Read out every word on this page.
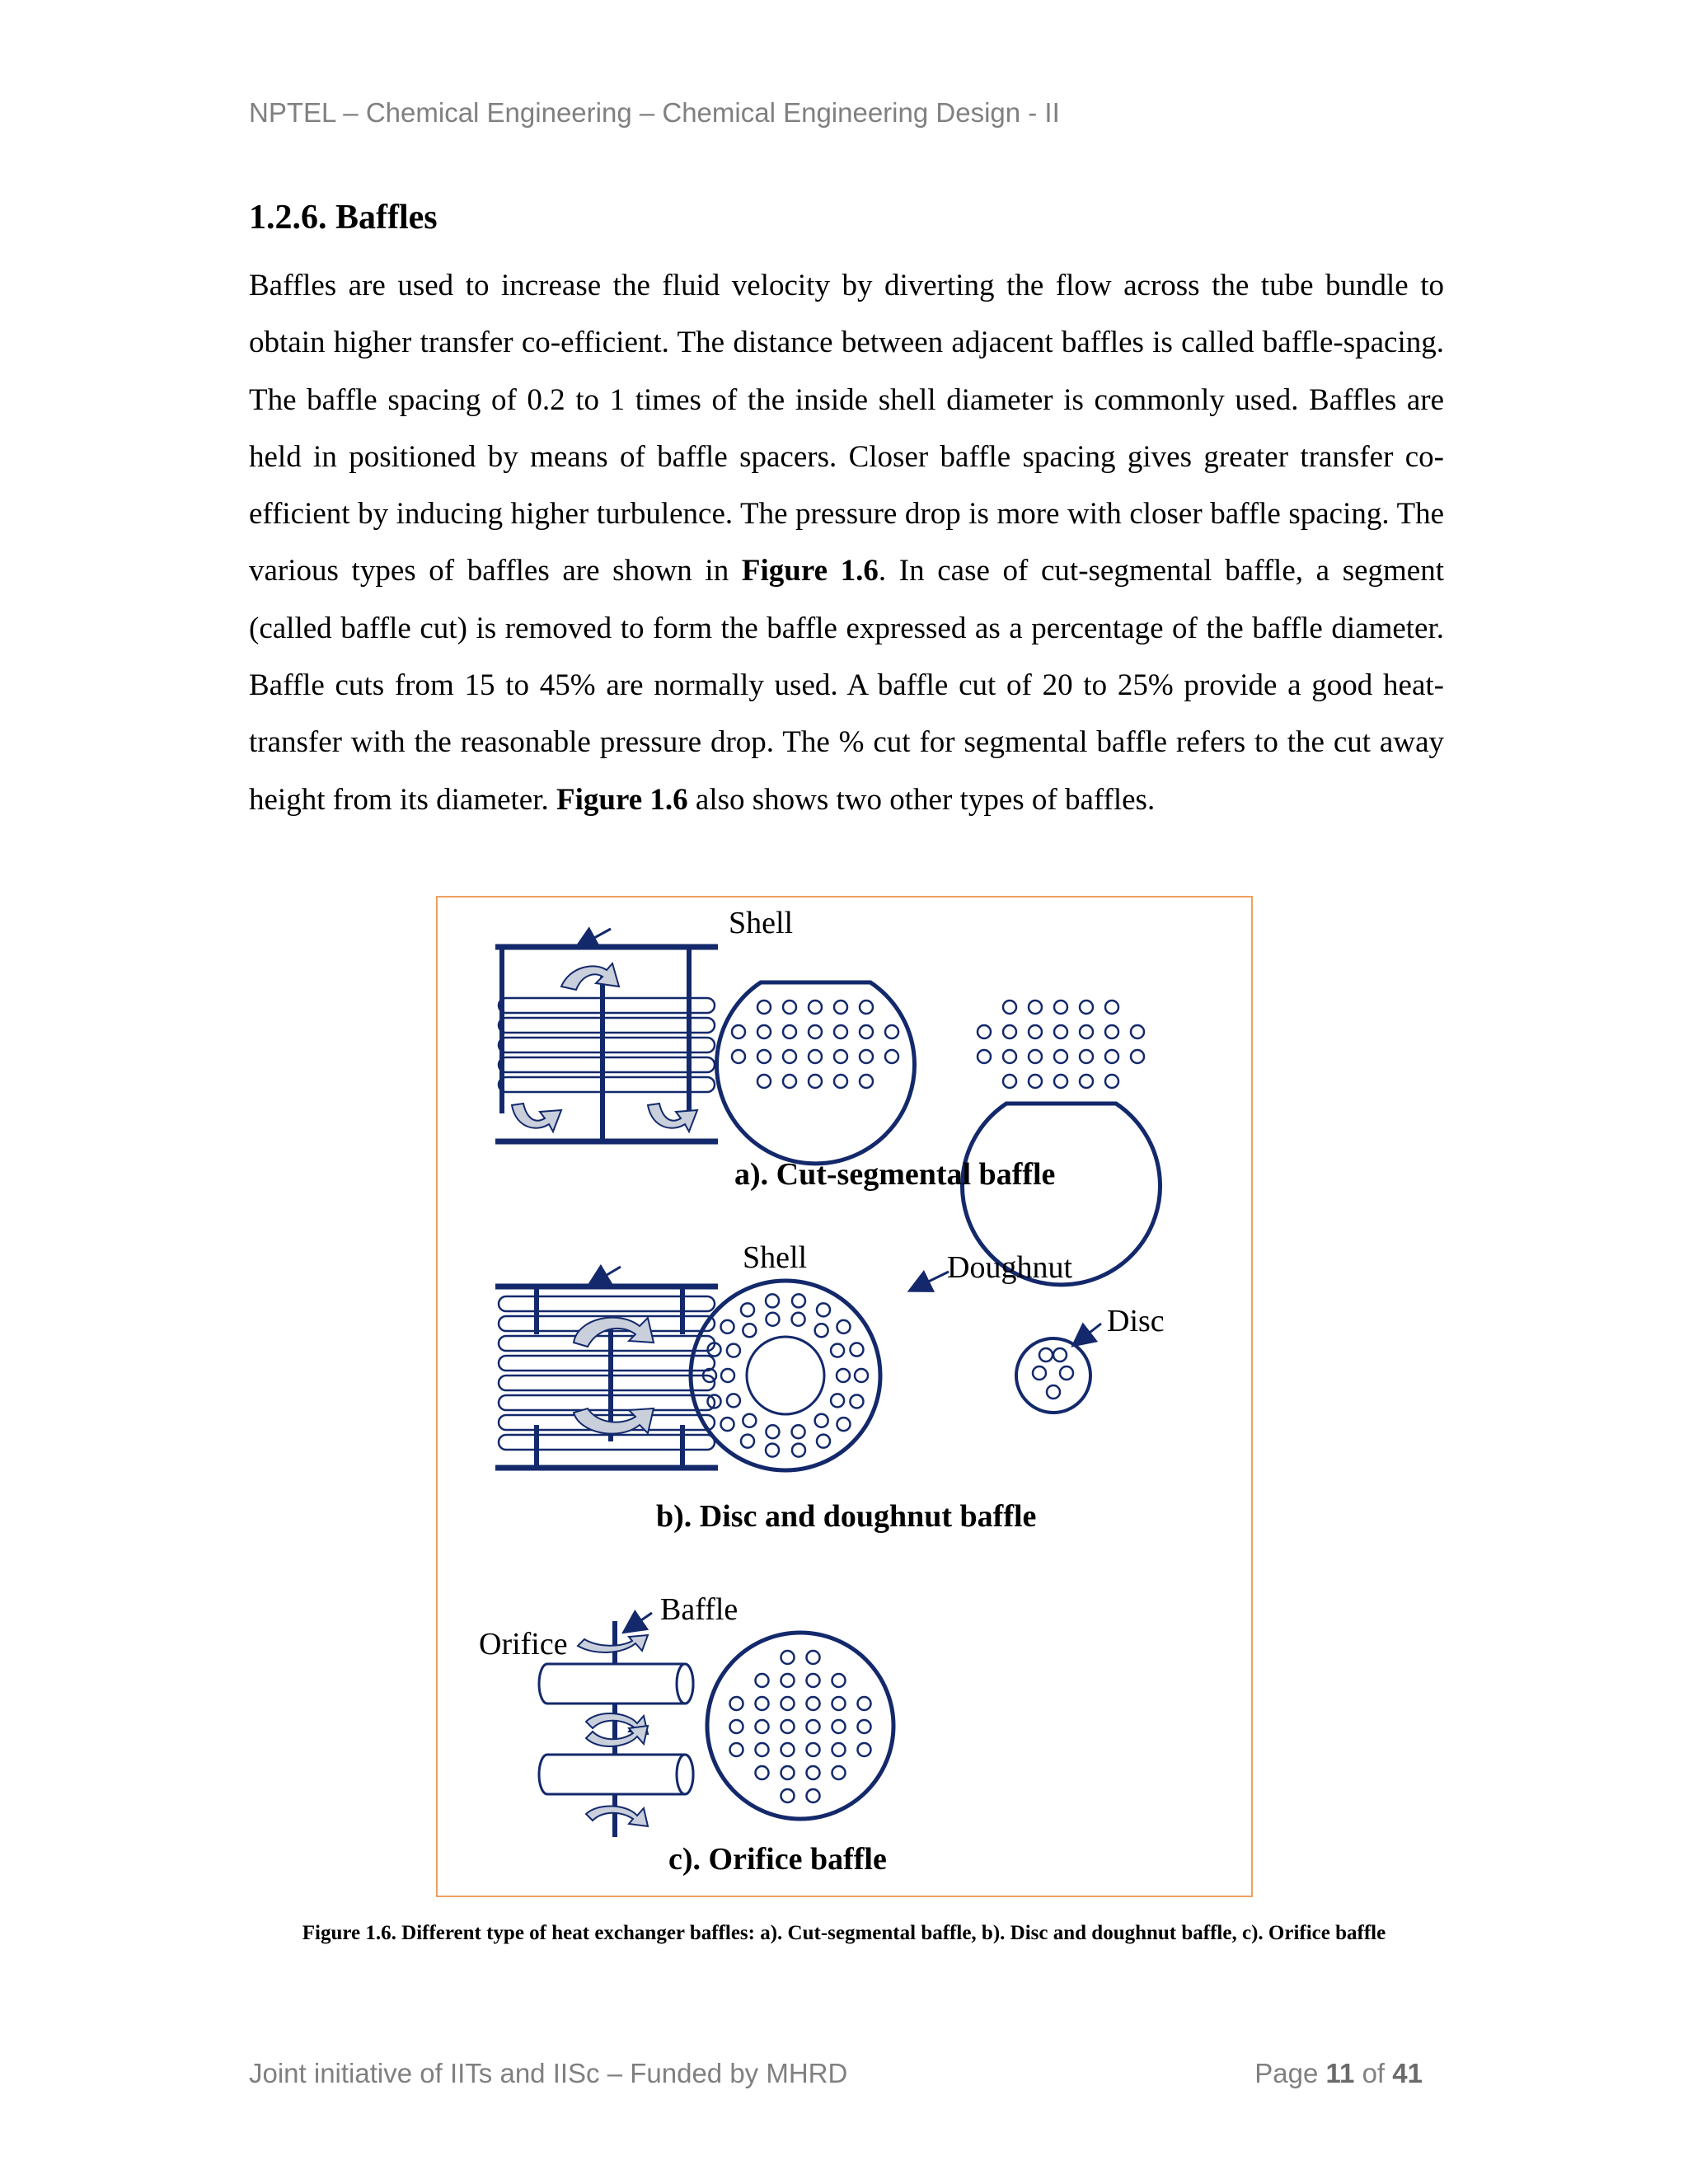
NPTEL – Chemical Engineering – Chemical Engineering Design - II
1.2.6. Baffles
Baffles are used to increase the fluid velocity by diverting the flow across the tube bundle to obtain higher transfer co-efficient. The distance between adjacent baffles is called baffle-spacing. The baffle spacing of 0.2 to 1 times of the inside shell diameter is commonly used. Baffles are held in positioned by means of baffle spacers. Closer baffle spacing gives greater transfer co-efficient by inducing higher turbulence. The pressure drop is more with closer baffle spacing. The various types of baffles are shown in Figure 1.6. In case of cut-segmental baffle, a segment (called baffle cut) is removed to form the baffle expressed as a percentage of the baffle diameter. Baffle cuts from 15 to 45% are normally used. A baffle cut of 20 to 25% provide a good heat-transfer with the reasonable pressure drop. The % cut for segmental baffle refers to the cut away height from its diameter. Figure 1.6 also shows two other types of baffles.
Shell
a). Cut-segmental baffle
Shell	Doughnut
Disc
b). Disc and doughnut baffle
Baffle
Orifice
c). Orifice baffle
Figure 1.6. Different type of heat exchanger baffles: a). Cut-segmental baffle, b). Disc and doughnut baffle, c). Orifice baffle
Joint initiative of IITs and IISc – Funded by MHRD	Page 11 of 41
